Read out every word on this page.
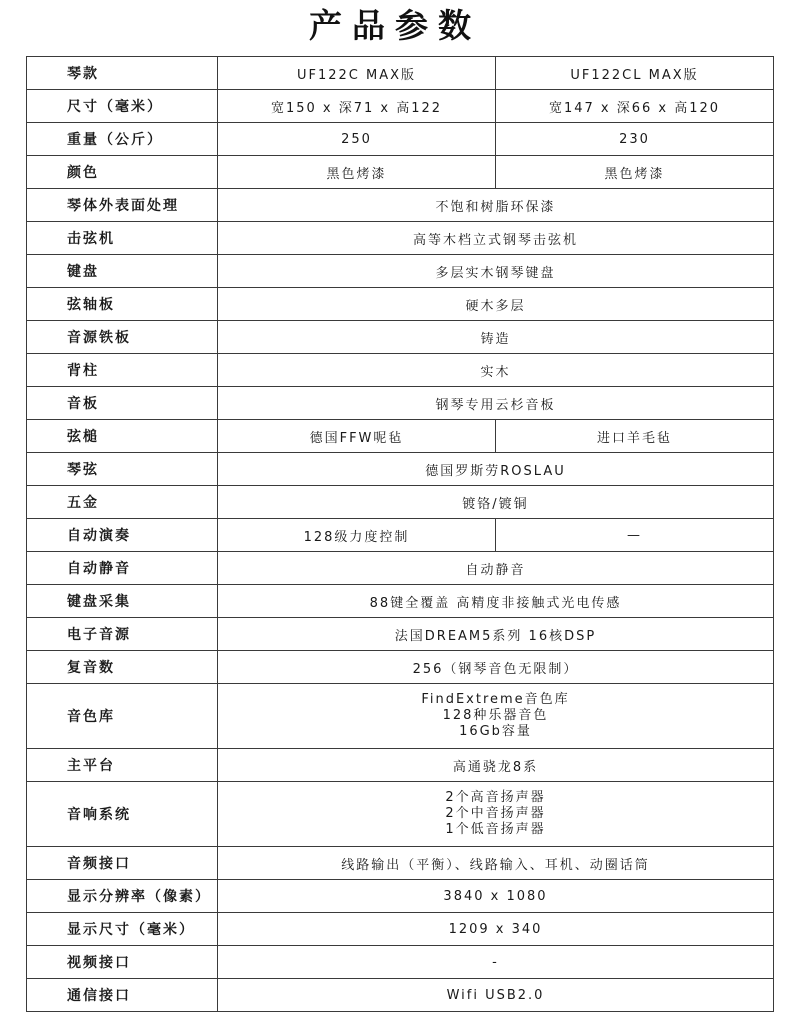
产品参数
琴款	UF122C MAX版	UF122CL MAX版
尺寸（毫米）	宽150 x 深71 x 高122	宽147 x 深66 x 高120
重量（公斤）	250	230
颜色	黑色烤漆	黑色烤漆
琴体外表面处理	不饱和树脂环保漆	
击弦机	高等木档立式钢琴击弦机	
键盘	多层实木钢琴键盘	
弦轴板	硬木多层	
音源铁板	铸造	
背柱	实木	
音板	钢琴专用云杉音板	
弦槌	德国FFW呢毡	进口羊毛毡
琴弦	德国罗斯劳ROSLAU	
五金	镀铬/镀铜	
自动演奏	128级力度控制	—
自动静音	自动静音	
键盘采集	88键全覆盖 高精度非接触式光电传感	
电子音源	法国DREAM5系列 16核DSP	
复音数	256（钢琴音色无限制）	
音色库	FindExtreme音色库
128种乐器音色
16Gb容量	

主平台	高通骁龙8系	
音响系统	2个高音扬声器
2个中音扬声器
1个低音扬声器	

音频接口	线路输出（平衡）、线路输入、耳机、动圈话筒	
显示分辨率（像素）	3840 x 1080	
显示尺寸（毫米）	1209 x 340	
视频接口	-	
通信接口	Wifi USB2.0	
